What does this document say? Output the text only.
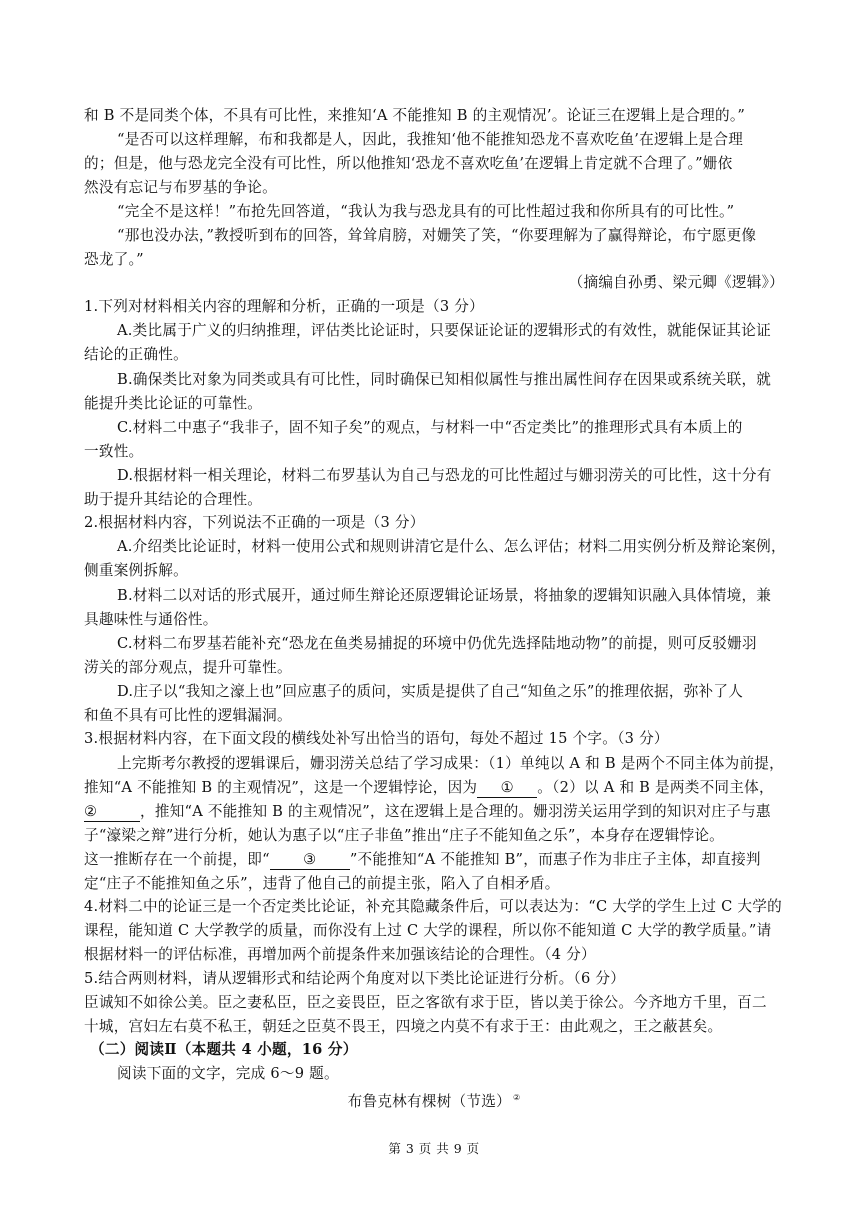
和 B 不是同类个体，不具有可比性，来推知‘A 不能推知 B 的主观情况’。论证三在逻辑上是合理的。”
“是否可以这样理解，布和我都是人，因此，我推知‘他不能推知恐龙不喜欢吃鱼’在逻辑上是合理
的；但是，他与恐龙完全没有可比性，所以他推知‘恐龙不喜欢吃鱼’在逻辑上肯定就不合理了。”姗依
然没有忘记与布罗基的争论。
“完全不是这样！”布抢先回答道，“我认为我与恐龙具有的可比性超过我和你所具有的可比性。”
“那也没办法，”教授听到布的回答，耸耸肩膀，对姗笑了笑，“你要理解为了赢得辩论，布宁愿更像
恐龙了。”
（摘编自孙勇、梁元卿《逻辑》）
1.下列对材料相关内容的理解和分析，正确的一项是（3 分）
A.类比属于广义的归纳推理，评估类比论证时，只要保证论证的逻辑形式的有效性，就能保证其论证
结论的正确性。
B.确保类比对象为同类或具有可比性，同时确保已知相似属性与推出属性间存在因果或系统关联，就
能提升类比论证的可靠性。
C.材料二中惠子“我非子，固不知子矣”的观点，与材料一中“否定类比”的推理形式具有本质上的
一致性。
D.根据材料一相关理论，材料二布罗基认为自己与恐龙的可比性超过与姗羽涝关的可比性，这十分有
助于提升其结论的合理性。
2.根据材料内容，下列说法不正确的一项是（3 分）
A.介绍类比论证时，材料一使用公式和规则讲清它是什么、怎么评估；材料二用实例分析及辩论案例，
侧重案例拆解。
B.材料二以对话的形式展开，通过师生辩论还原逻辑论证场景，将抽象的逻辑知识融入具体情境，兼
具趣味性与通俗性。
C.材料二布罗基若能补充“恐龙在鱼类易捕捉的环境中仍优先选择陆地动物”的前提，则可反驳姗羽
涝关的部分观点，提升可靠性。
D.庄子以“我知之濠上也”回应惠子的质问，实质是提供了自己“知鱼之乐”的推理依据，弥补了人
和鱼不具有可比性的逻辑漏洞。
3.根据材料内容，在下面文段的横线处补写出恰当的语句，每处不超过 15 个字。（3 分）
上完斯考尔教授的逻辑课后，姗羽涝关总结了学习成果：（1）单纯以 A 和 B 是两个不同主体为前提，
推知“A 不能推知 B 的主观情况”，这是一个逻辑悖论，因为 ① 。（2）以 A 和 B 是两类不同主体，
②	，推知“A 不能推知 B 的主观情况”，这在逻辑上是合理的。姗羽涝关运用学到的知识对庄子与惠
子“濠梁之辩”进行分析，她认为惠子以“庄子非鱼”推出“庄子不能知鱼之乐”，本身存在逻辑悖论。
这一推断存在一个前提，即“ ③ ”不能推知“A 不能推知 B”，而惠子作为非庄子主体，却直接判
定“庄子不能推知鱼之乐”，违背了他自己的前提主张，陷入了自相矛盾。
4.材料二中的论证三是一个否定类比论证，补充其隐藏条件后，可以表达为：“C 大学的学生上过 C 大学的
课程，能知道 C 大学教学的质量，而你没有上过 C 大学的课程，所以你不能知道 C 大学的教学质量。”请
根据材料一的评估标准，再增加两个前提条件来加强该结论的合理性。（4 分）
5.结合两则材料，请从逻辑形式和结论两个角度对以下类比论证进行分析。（6 分）
臣诚知不如徐公美。臣之妻私臣，臣之妾畏臣，臣之客欲有求于臣，皆以美于徐公。今齐地方千里，百二
十城，宫妇左右莫不私王，朝廷之臣莫不畏王，四境之内莫不有求于王：由此观之，王之蔽甚矣。
（二）阅读Ⅱ（本题共 4 小题，16 分）
阅读下面的文字，完成 6～9 题。
布鲁克林有棵树（节选） ②
第 3 页 共 9 页
